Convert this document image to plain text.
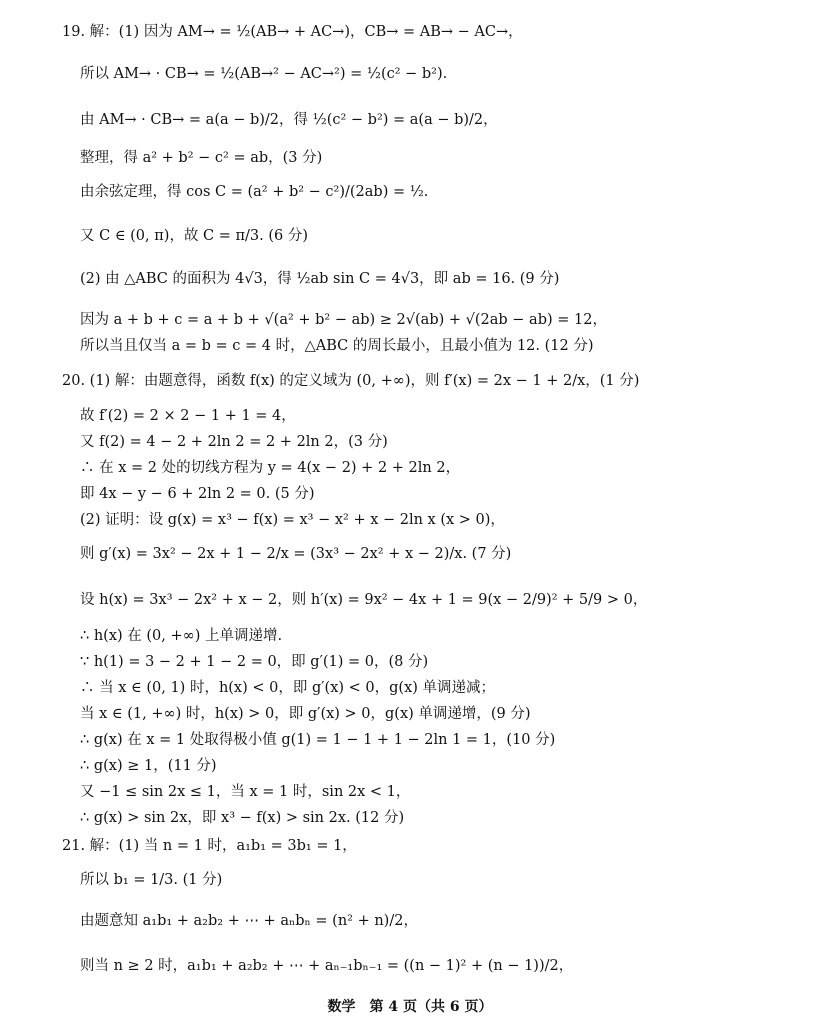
19. 解：(1) 因为 AM→ = ½(AB→ + AC→)，CB→ = AB→ − AC→，
所以 AM→ · CB→ = ½(AB→² − AC→²) = ½(c² − b²).
由 AM→ · CB→ = a(a − b)/2，得 ½(c² − b²) = a(a − b)/2，
整理，得 a² + b² − c² = ab，(3 分)
由余弦定理，得 cos C = (a² + b² − c²)/(2ab) = ½.
又 C ∈ (0, π)，故 C = π/3. (6 分)
(2) 由 △ABC 的面积为 4√3，得 ½ab sin C = 4√3，即 ab = 16. (9 分)
因为 a + b + c = a + b + √(a² + b² − ab) ≥ 2√(ab) + √(2ab − ab) = 12，
所以当且仅当 a = b = c = 4 时，△ABC 的周长最小，且最小值为 12. (12 分)
20. (1) 解：由题意得，函数 f(x) 的定义域为 (0, +∞)，则 f′(x) = 2x − 1 + 2/x，(1 分)
故 f′(2) = 2 × 2 − 1 + 1 = 4，
又 f(2) = 4 − 2 + 2ln 2 = 2 + 2ln 2，(3 分)
∴ 在 x = 2 处的切线方程为 y = 4(x − 2) + 2 + 2ln 2，
即 4x − y − 6 + 2ln 2 = 0. (5 分)
(2) 证明：设 g(x) = x³ − f(x) = x³ − x² + x − 2ln x (x > 0)，
则 g′(x) = 3x² − 2x + 1 − 2/x = (3x³ − 2x² + x − 2)/x. (7 分)
设 h(x) = 3x³ − 2x² + x − 2，则 h′(x) = 9x² − 4x + 1 = 9(x − 2/9)² + 5/9 > 0，
∴ h(x) 在 (0, +∞) 上单调递增.
∵ h(1) = 3 − 2 + 1 − 2 = 0，即 g′(1) = 0，(8 分)
∴ 当 x ∈ (0, 1) 时，h(x) < 0，即 g′(x) < 0，g(x) 单调递减；
当 x ∈ (1, +∞) 时，h(x) > 0，即 g′(x) > 0，g(x) 单调递增，(9 分)
∴ g(x) 在 x = 1 处取得极小值 g(1) = 1 − 1 + 1 − 2ln 1 = 1，(10 分)
∴ g(x) ≥ 1，(11 分)
又 −1 ≤ sin 2x ≤ 1，当 x = 1 时，sin 2x < 1，
∴ g(x) > sin 2x，即 x³ − f(x) > sin 2x. (12 分)
21. 解：(1) 当 n = 1 时，a₁b₁ = 3b₁ = 1，
所以 b₁ = 1/3. (1 分)
由题意知 a₁b₁ + a₂b₂ + ⋯ + aₙbₙ = (n² + n)/2，
则当 n ≥ 2 时，a₁b₁ + a₂b₂ + ⋯ + aₙ₋₁bₙ₋₁ = ((n − 1)² + (n − 1))/2，
数学　第 4 页（共 6 页）
